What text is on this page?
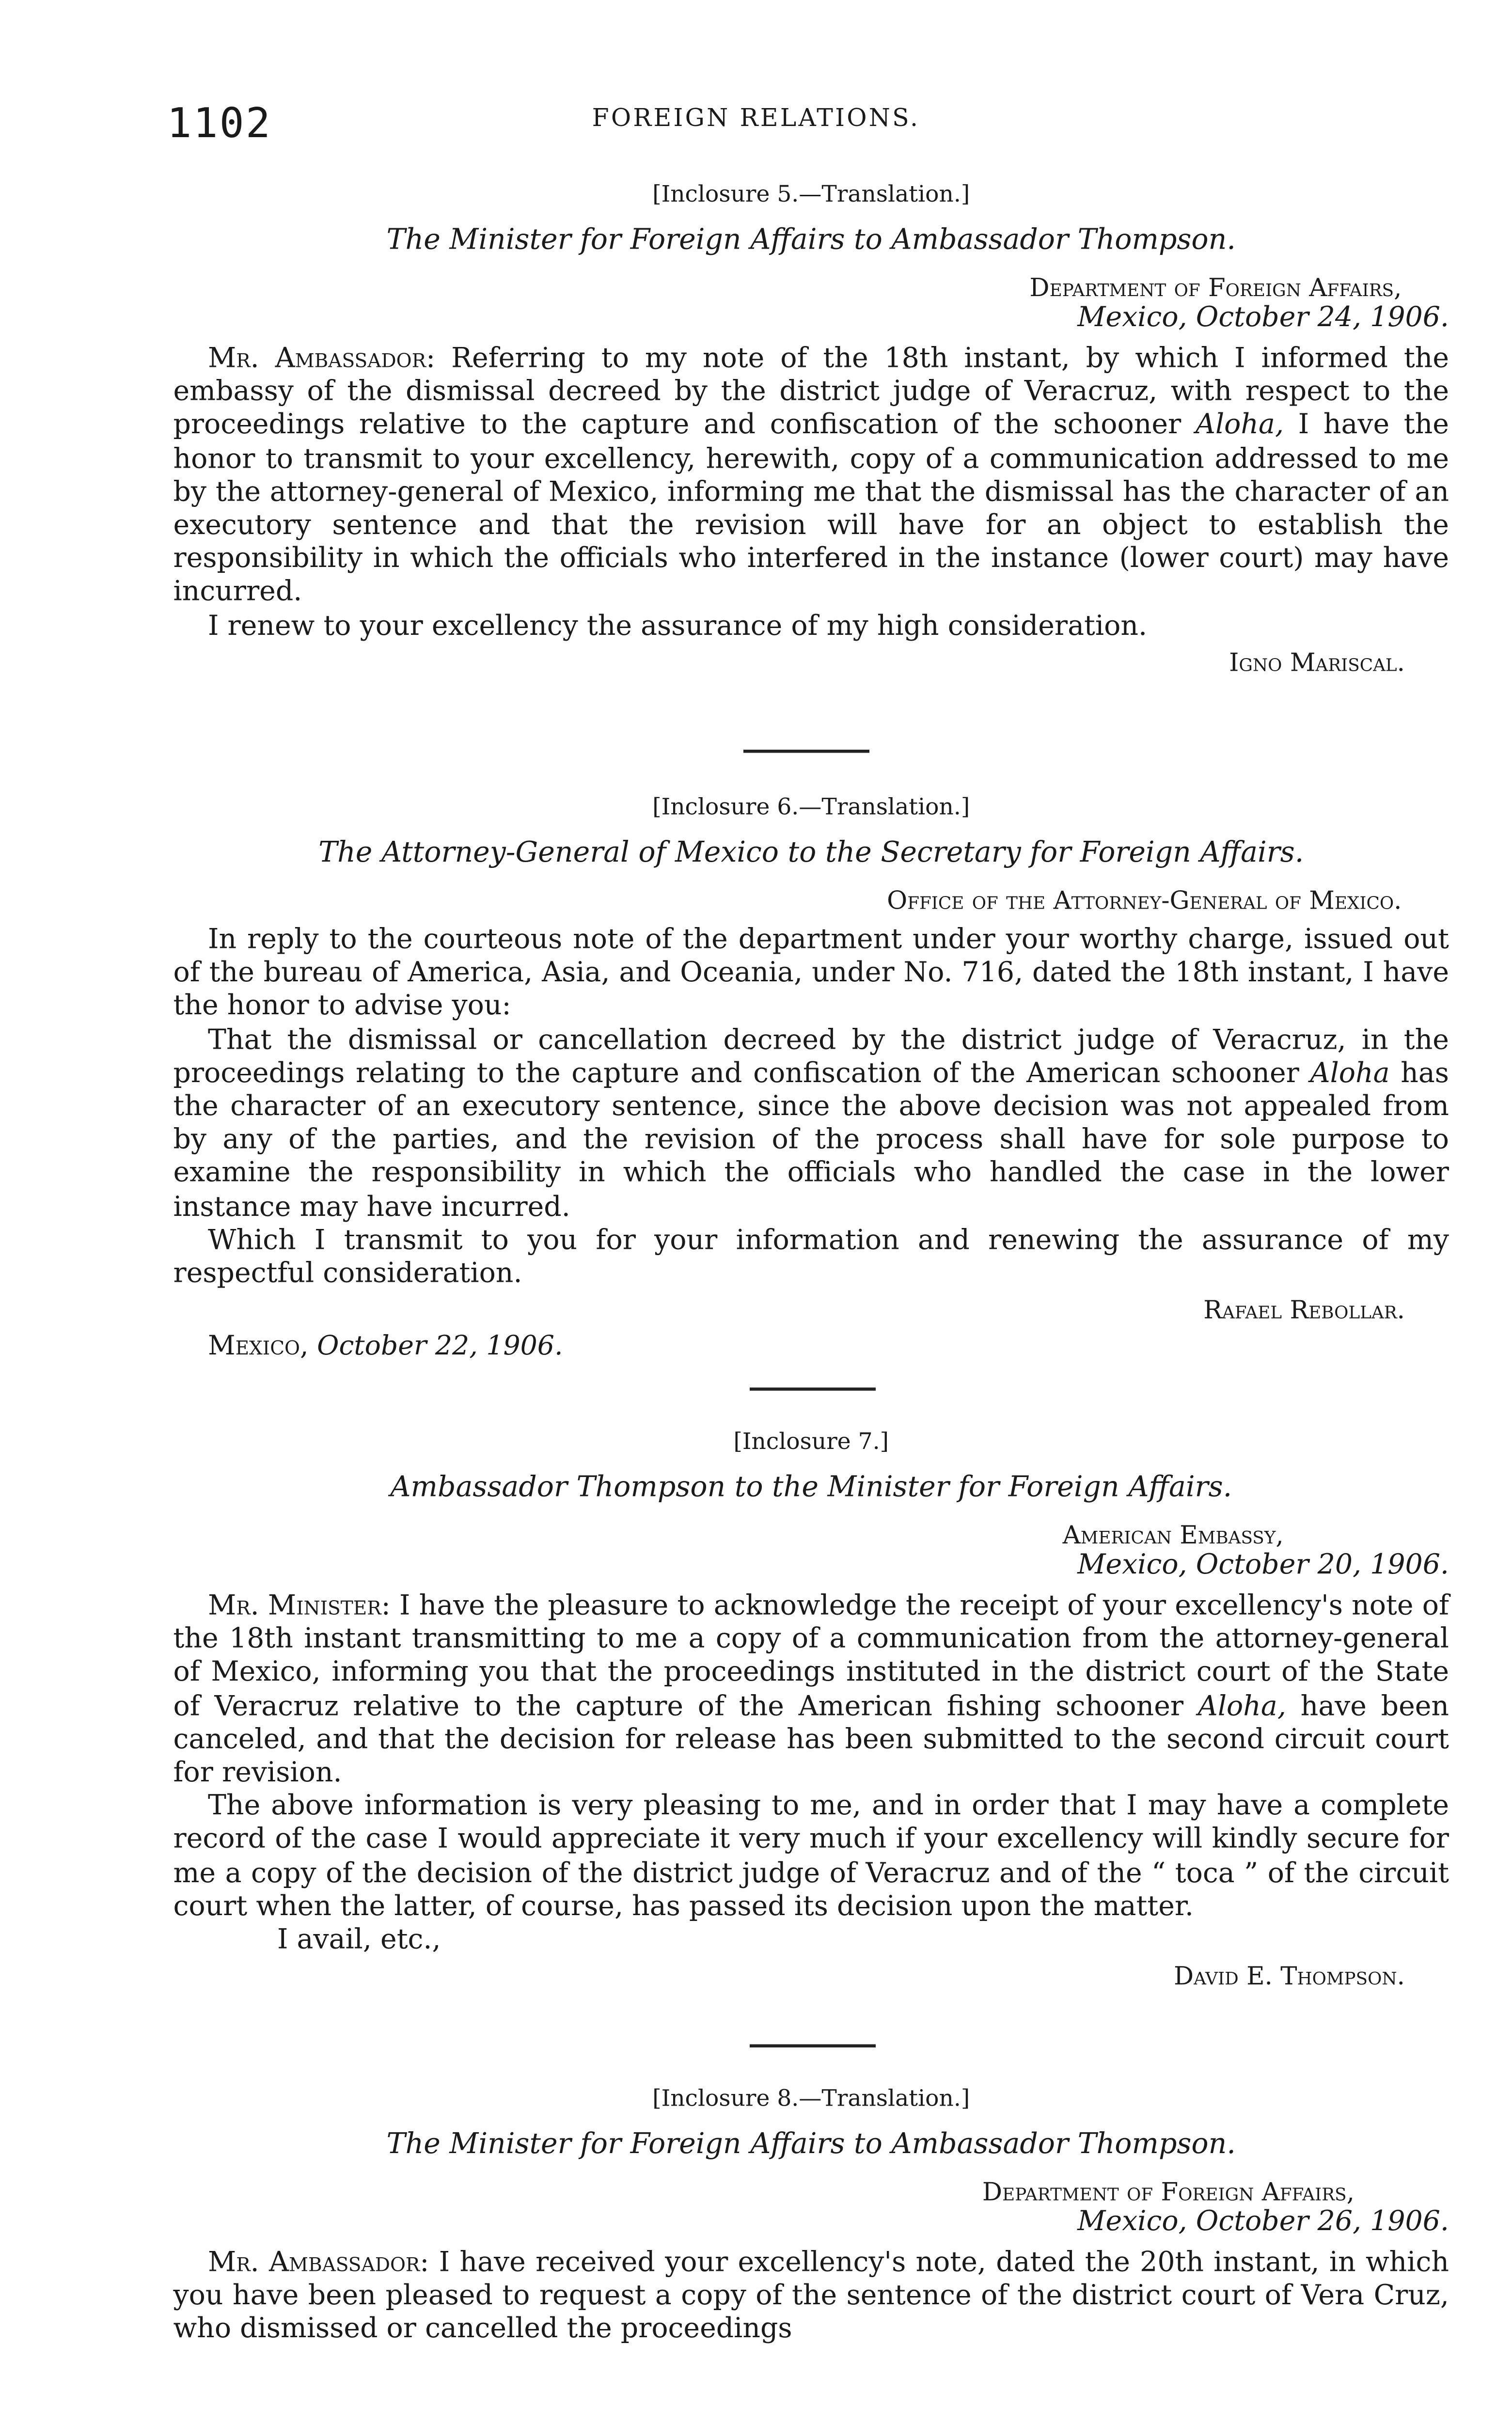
1102	FOREIGN RELATIONS.
[Inclosure 5.—Translation.]
The Minister for Foreign Affairs to Ambassador Thompson.
Department of Foreign Affairs,
Mexico, October 24, 1906.

Mr. Ambassador: Referring to my note of the 18th instant, by which I informed the embassy of the dismissal decreed by the district judge of Veracruz, with respect to the proceedings relative to the capture and confiscation of the schooner Aloha, I have the honor to transmit to your excellency, herewith, copy of a communication addressed to me by the attorney-general of Mexico, informing me that the dismissal has the character of an executory sentence and that the revision will have for an object to establish the responsibility in which the officials who interfered in the instance (lower court) may have incurred.

I renew to your excellency the assurance of my high consideration.

Igno Mariscal.
[Inclosure 6.—Translation.]
The Attorney-General of Mexico to the Secretary for Foreign Affairs.
Office of the Attorney-General of Mexico.

In reply to the courteous note of the department under your worthy charge, issued out of the bureau of America, Asia, and Oceania, under No. 716, dated the 18th instant, I have the honor to advise you:

That the dismissal or cancellation decreed by the district judge of Veracruz, in the proceedings relating to the capture and confiscation of the American schooner Aloha has the character of an executory sentence, since the above decision was not appealed from by any of the parties, and the revision of the process shall have for sole purpose to examine the responsibility in which the officials who handled the case in the lower instance may have incurred.

Which I transmit to you for your information and renewing the assurance of my respectful consideration.

Rafael Rebollar.
Mexico, October 22, 1906.
[Inclosure 7.]
Ambassador Thompson to the Minister for Foreign Affairs.
American Embassy,
Mexico, October 20, 1906.

Mr. Minister: I have the pleasure to acknowledge the receipt of your excellency's note of the 18th instant transmitting to me a copy of a communication from the attorney-general of Mexico, informing you that the proceedings instituted in the district court of the State of Veracruz relative to the capture of the American fishing schooner Aloha, have been canceled, and that the decision for release has been submitted to the second circuit court for revision.

The above information is very pleasing to me, and in order that I may have a complete record of the case I would appreciate it very much if your excellency will kindly secure for me a copy of the decision of the district judge of Veracruz and of the “ toca ” of the circuit court when the latter, of course, has passed its decision upon the matter.

I avail, etc.,

David E. Thompson.
[Inclosure 8.—Translation.]
The Minister for Foreign Affairs to Ambassador Thompson.
Department of Foreign Affairs,
Mexico, October 26, 1906.

Mr. Ambassador: I have received your excellency's note, dated the 20th instant, in which you have been pleased to request a copy of the sentence of the district court of Vera Cruz, who dismissed or cancelled the proceedings
